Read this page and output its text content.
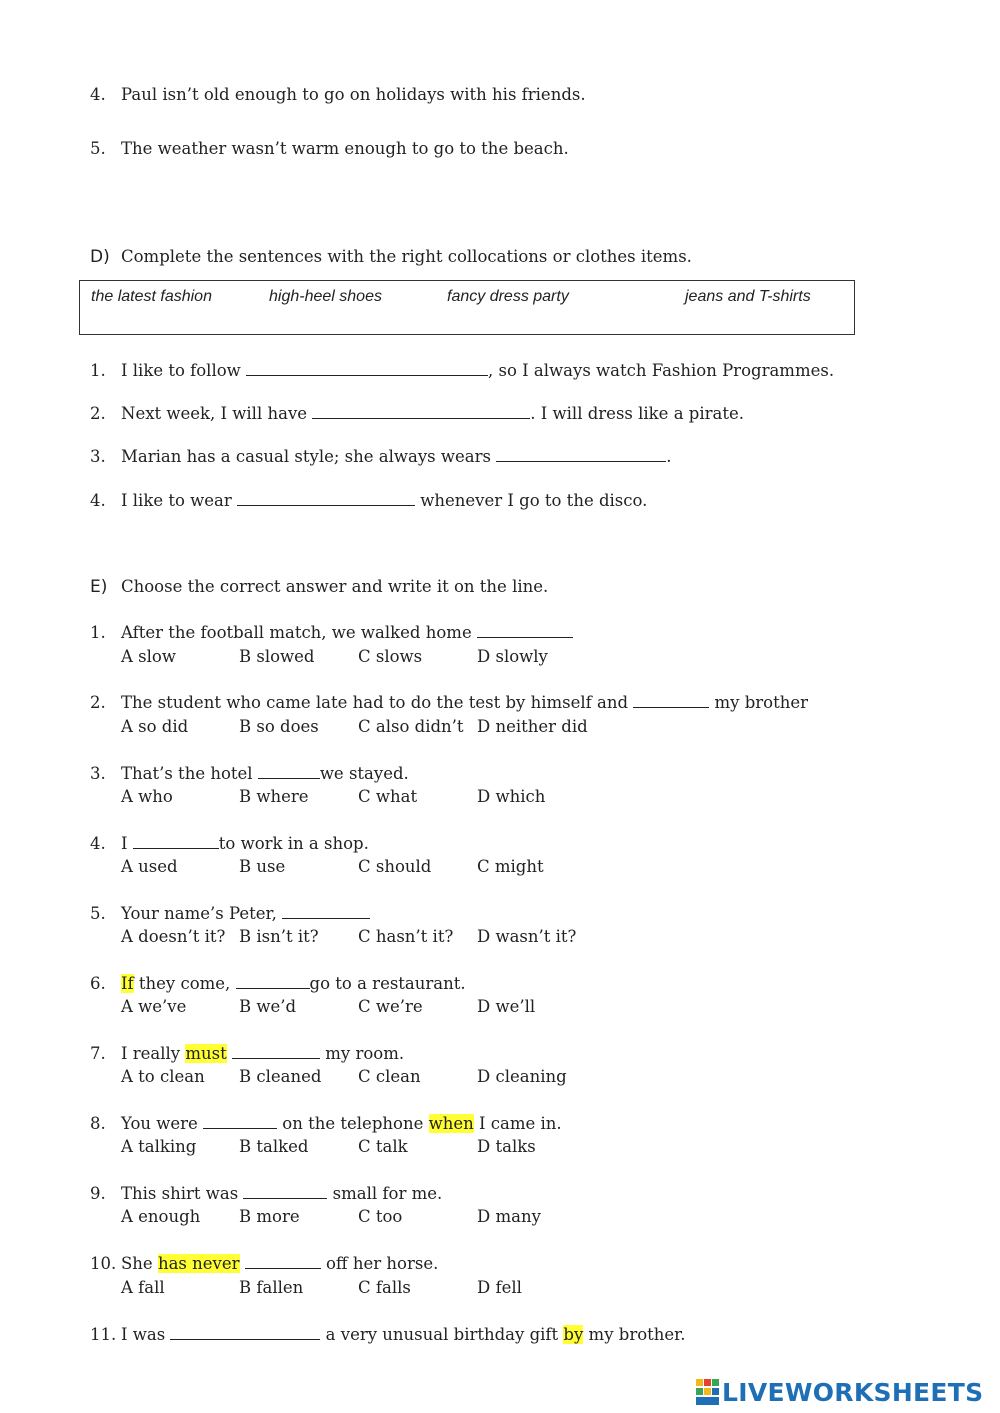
4. Paul isn’t old enough to go on holidays with his friends.
5. The weather wasn’t warm enough to go to the beach.
D) Complete the sentences with the right collocations or clothes items.
the latest fashion	high-heel shoes	fancy dress party	jeans and T-shirts
1. I like to follow	, so I always watch Fashion Programmes.
2. Next week, I will have	. I will dress like a pirate.
3. Marian has a casual style; she always wears	.
4. I like to wear	whenever I go to the disco.
E) Choose the correct answer and write it on the line.
1. After the football match, we walked home
A slow	B slowed	C slows	D slowly
2. The student who came late had to do the test by himself and	my brother
A so did	B so does C also didn’t D neither did
3. That’s the hotel	we stayed.
A who	B where	C what	D which
4. I	to work in a shop.
A used	B use	C should	C might
5. Your name’s Peter,
A doesn’t it? B isn’t it? C hasn’t it? D wasn’t it?
6. If they come,	go to a restaurant.
A we’ve	B we’d	C we’re	D we’ll
7. I really must	my room.
A to clean B cleaned C clean	D cleaning
8. You were	on the telephone when I came in.
A talking	B talked	C talk	D talks
9. This shirt was	small for me.
A enough B more	C too	D many
10. She has never	off her horse.
A fall	B fallen	C falls	D fell
11. I was	a very unusual birthday gift by my brother.
LIVEWORKSHEETS
